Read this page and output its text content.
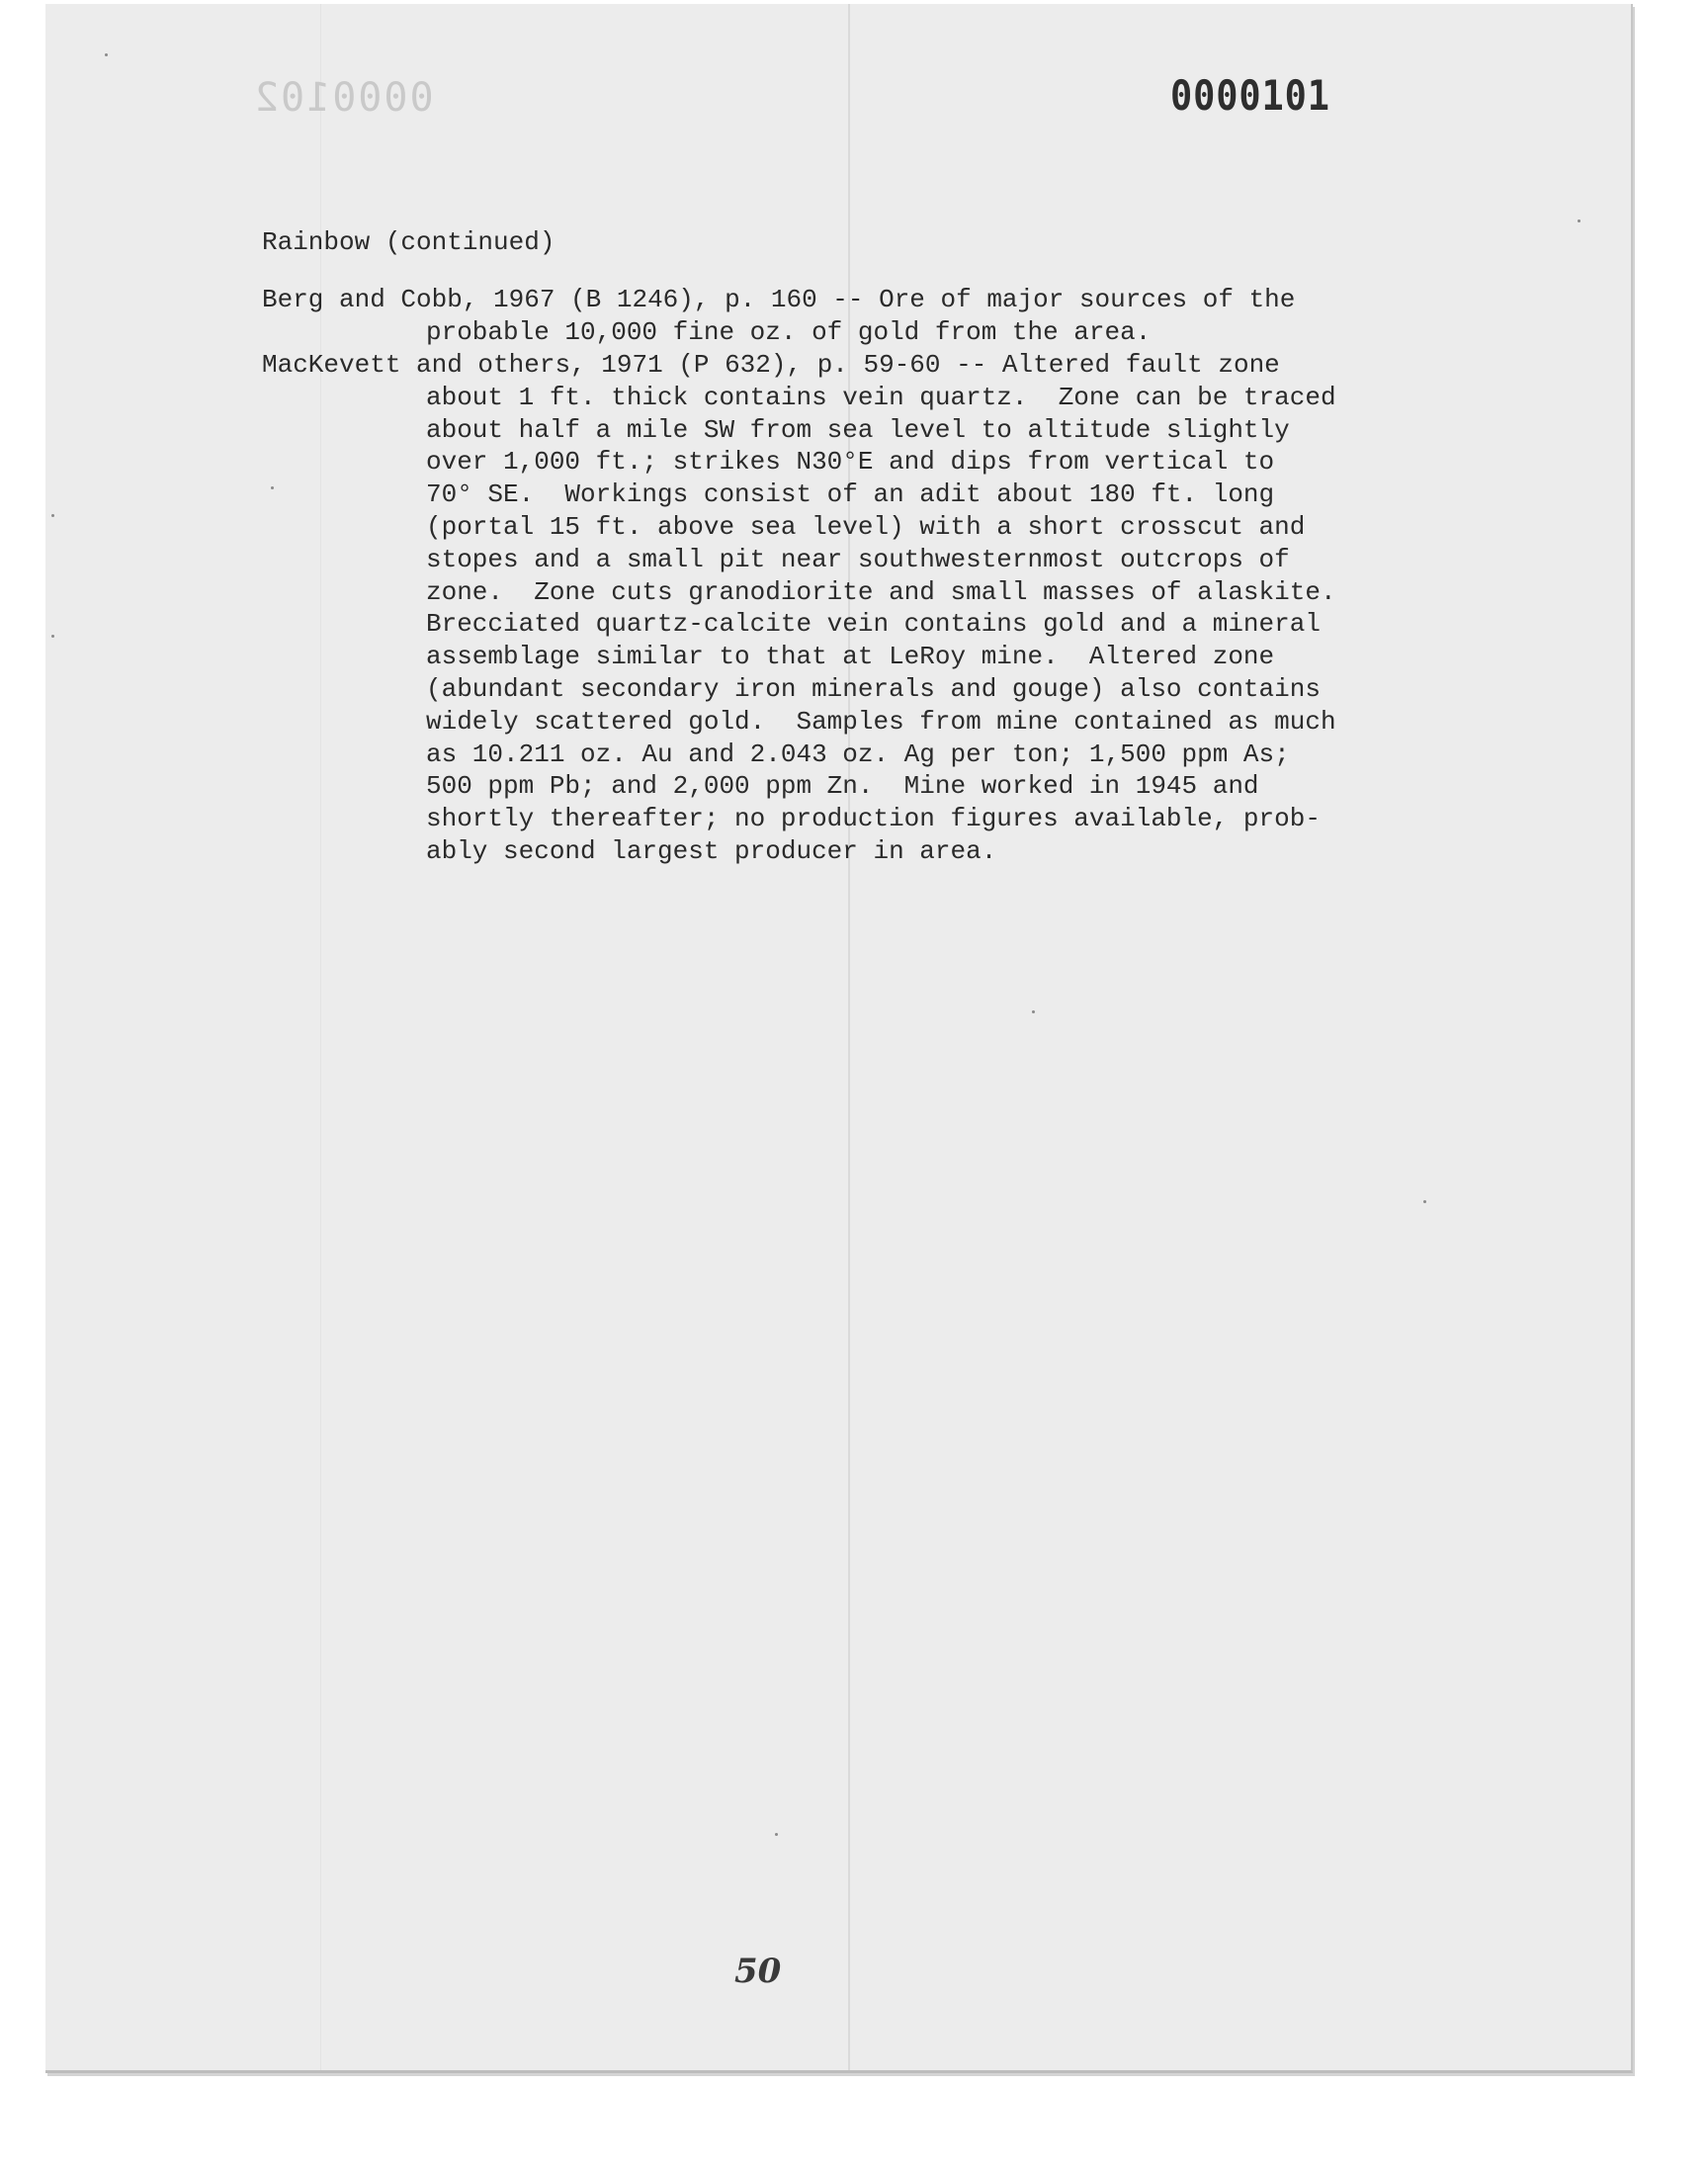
0000102	0000101
Rainbow (continued)
Berg and Cobb, 1967 (B 1246), p. 160 -- Ore of major sources of the
probable 10,000 fine oz. of gold from the area.
MacKevett and others, 1971 (P 632), p. 59-60 -- Altered fault zone
about 1 ft. thick contains vein quartz.  Zone can be traced
about half a mile SW from sea level to altitude slightly
over 1,000 ft.; strikes N30°E and dips from vertical to
70° SE.  Workings consist of an adit about 180 ft. long
(portal 15 ft. above sea level) with a short crosscut and
stopes and a small pit near southwesternmost outcrops of
zone.  Zone cuts granodiorite and small masses of alaskite.
Brecciated quartz-calcite vein contains gold and a mineral
assemblage similar to that at LeRoy mine.  Altered zone
(abundant secondary iron minerals and gouge) also contains
widely scattered gold.  Samples from mine contained as much
as 10.211 oz. Au and 2.043 oz. Ag per ton; 1,500 ppm As;
500 ppm Pb; and 2,000 ppm Zn.  Mine worked in 1945 and
shortly thereafter; no production figures available, prob-
ably second largest producer in area.
50
